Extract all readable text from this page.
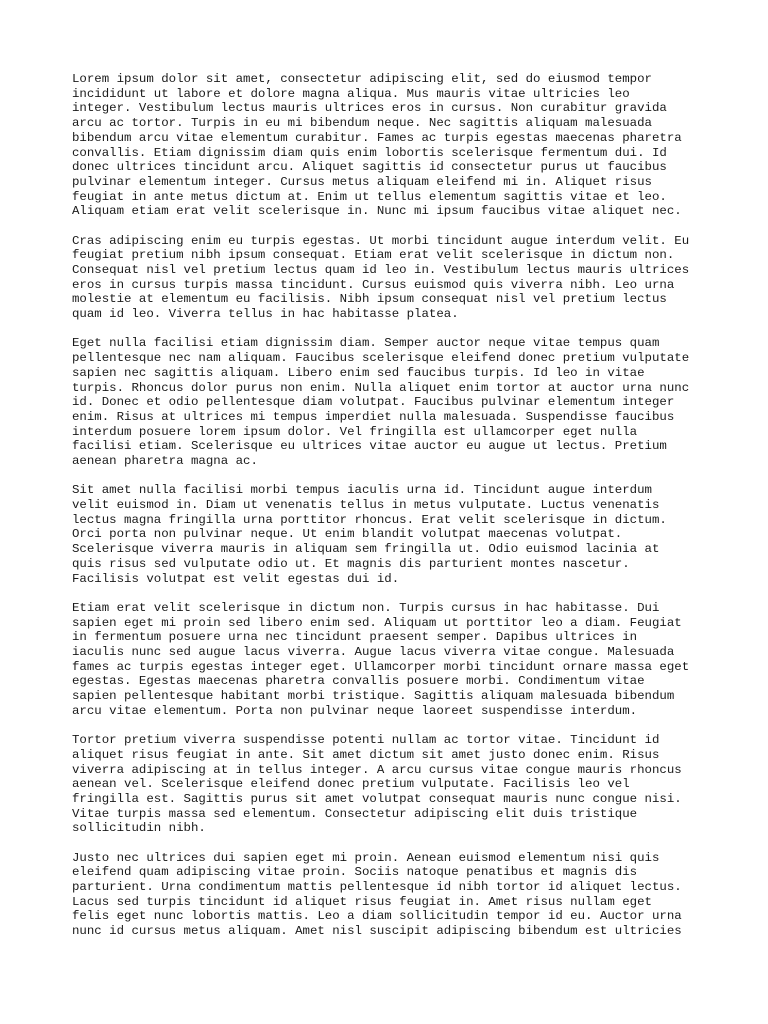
Lorem ipsum dolor sit amet, consectetur adipiscing elit, sed do eiusmod tempor
incididunt ut labore et dolore magna aliqua. Mus mauris vitae ultricies leo
integer. Vestibulum lectus mauris ultrices eros in cursus. Non curabitur gravida
arcu ac tortor. Turpis in eu mi bibendum neque. Nec sagittis aliquam malesuada
bibendum arcu vitae elementum curabitur. Fames ac turpis egestas maecenas pharetra
convallis. Etiam dignissim diam quis enim lobortis scelerisque fermentum dui. Id
donec ultrices tincidunt arcu. Aliquet sagittis id consectetur purus ut faucibus
pulvinar elementum integer. Cursus metus aliquam eleifend mi in. Aliquet risus
feugiat in ante metus dictum at. Enim ut tellus elementum sagittis vitae et leo.
Aliquam etiam erat velit scelerisque in. Nunc mi ipsum faucibus vitae aliquet nec.

Cras adipiscing enim eu turpis egestas. Ut morbi tincidunt augue interdum velit. Eu
feugiat pretium nibh ipsum consequat. Etiam erat velit scelerisque in dictum non.
Consequat nisl vel pretium lectus quam id leo in. Vestibulum lectus mauris ultrices
eros in cursus turpis massa tincidunt. Cursus euismod quis viverra nibh. Leo urna
molestie at elementum eu facilisis. Nibh ipsum consequat nisl vel pretium lectus
quam id leo. Viverra tellus in hac habitasse platea.

Eget nulla facilisi etiam dignissim diam. Semper auctor neque vitae tempus quam
pellentesque nec nam aliquam. Faucibus scelerisque eleifend donec pretium vulputate
sapien nec sagittis aliquam. Libero enim sed faucibus turpis. Id leo in vitae
turpis. Rhoncus dolor purus non enim. Nulla aliquet enim tortor at auctor urna nunc
id. Donec et odio pellentesque diam volutpat. Faucibus pulvinar elementum integer
enim. Risus at ultrices mi tempus imperdiet nulla malesuada. Suspendisse faucibus
interdum posuere lorem ipsum dolor. Vel fringilla est ullamcorper eget nulla
facilisi etiam. Scelerisque eu ultrices vitae auctor eu augue ut lectus. Pretium
aenean pharetra magna ac.

Sit amet nulla facilisi morbi tempus iaculis urna id. Tincidunt augue interdum
velit euismod in. Diam ut venenatis tellus in metus vulputate. Luctus venenatis
lectus magna fringilla urna porttitor rhoncus. Erat velit scelerisque in dictum.
Orci porta non pulvinar neque. Ut enim blandit volutpat maecenas volutpat.
Scelerisque viverra mauris in aliquam sem fringilla ut. Odio euismod lacinia at
quis risus sed vulputate odio ut. Et magnis dis parturient montes nascetur.
Facilisis volutpat est velit egestas dui id.

Etiam erat velit scelerisque in dictum non. Turpis cursus in hac habitasse. Dui
sapien eget mi proin sed libero enim sed. Aliquam ut porttitor leo a diam. Feugiat
in fermentum posuere urna nec tincidunt praesent semper. Dapibus ultrices in
iaculis nunc sed augue lacus viverra. Augue lacus viverra vitae congue. Malesuada
fames ac turpis egestas integer eget. Ullamcorper morbi tincidunt ornare massa eget
egestas. Egestas maecenas pharetra convallis posuere morbi. Condimentum vitae
sapien pellentesque habitant morbi tristique. Sagittis aliquam malesuada bibendum
arcu vitae elementum. Porta non pulvinar neque laoreet suspendisse interdum.

Tortor pretium viverra suspendisse potenti nullam ac tortor vitae. Tincidunt id
aliquet risus feugiat in ante. Sit amet dictum sit amet justo donec enim. Risus
viverra adipiscing at in tellus integer. A arcu cursus vitae congue mauris rhoncus
aenean vel. Scelerisque eleifend donec pretium vulputate. Facilisis leo vel
fringilla est. Sagittis purus sit amet volutpat consequat mauris nunc congue nisi.
Vitae turpis massa sed elementum. Consectetur adipiscing elit duis tristique
sollicitudin nibh.

Justo nec ultrices dui sapien eget mi proin. Aenean euismod elementum nisi quis
eleifend quam adipiscing vitae proin. Sociis natoque penatibus et magnis dis
parturient. Urna condimentum mattis pellentesque id nibh tortor id aliquet lectus.
Lacus sed turpis tincidunt id aliquet risus feugiat in. Amet risus nullam eget
felis eget nunc lobortis mattis. Leo a diam sollicitudin tempor id eu. Auctor urna
nunc id cursus metus aliquam. Amet nisl suscipit adipiscing bibendum est ultricies
